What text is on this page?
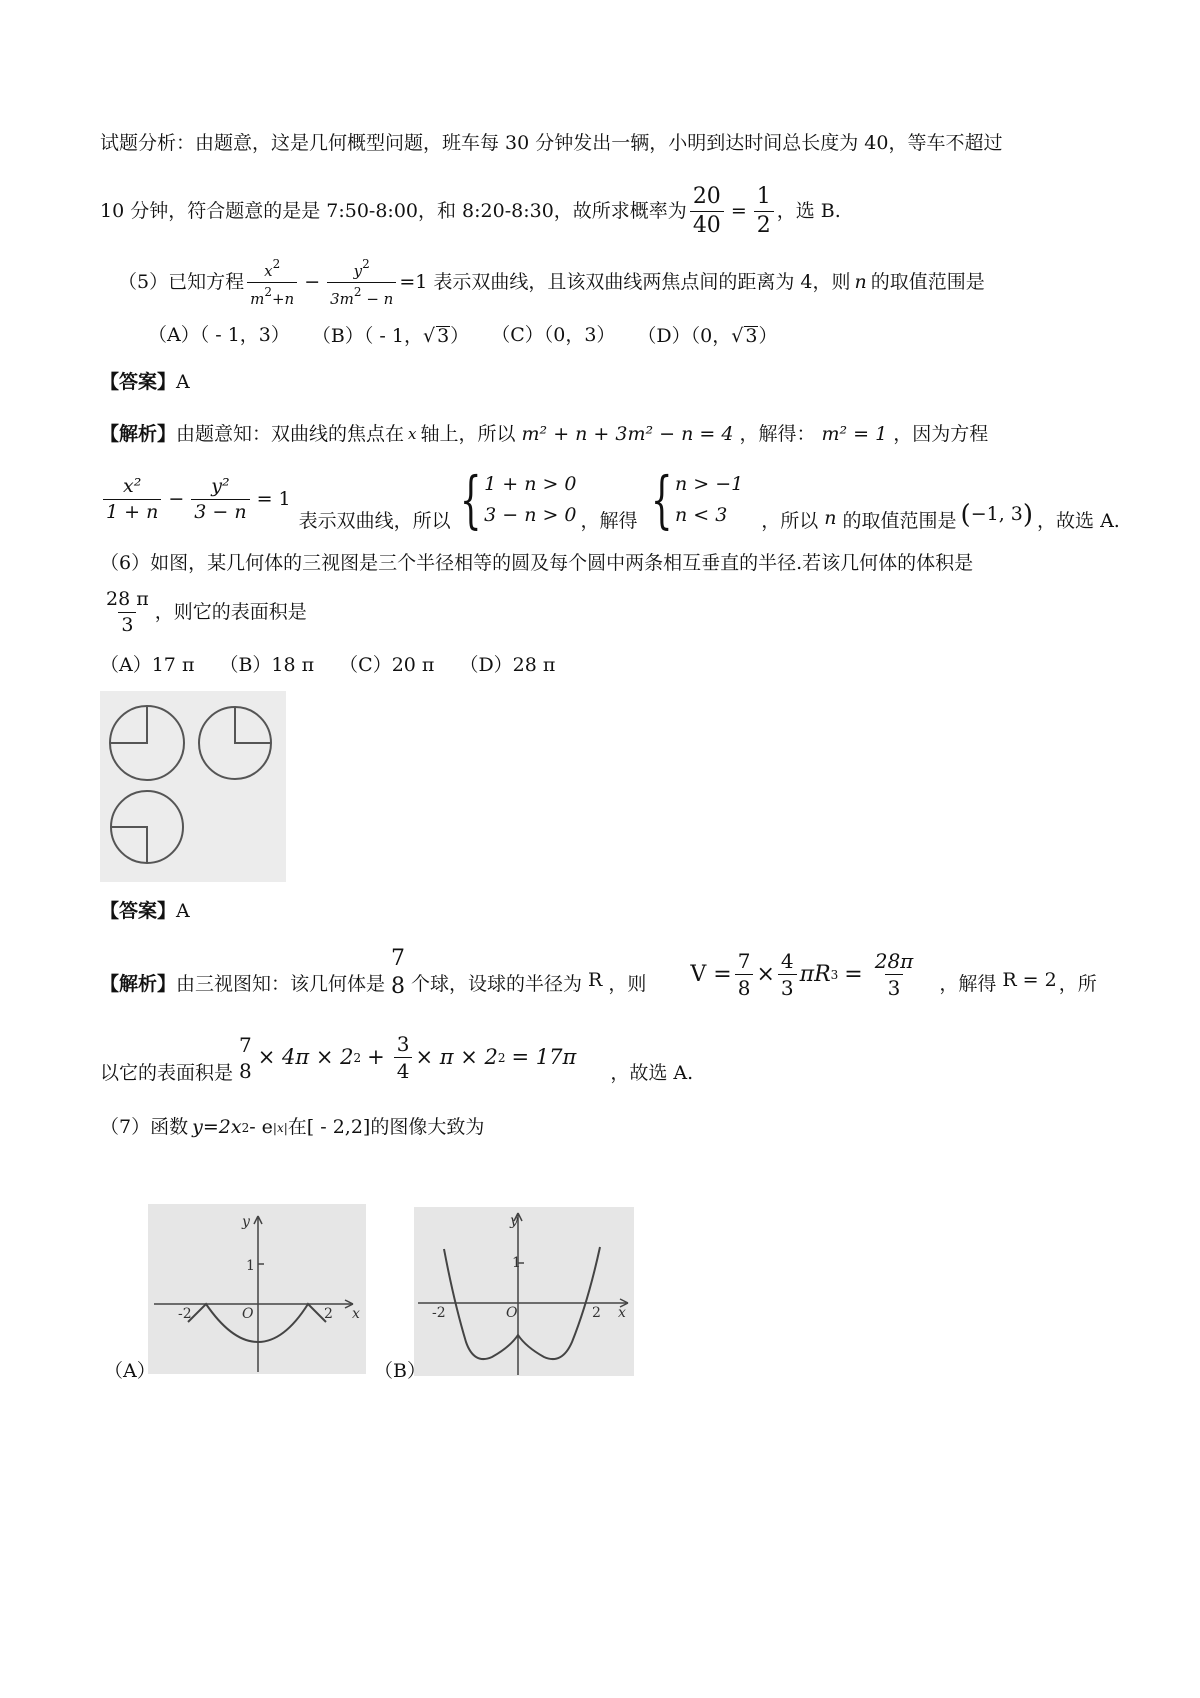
试题分析：由题意，这是几何概型问题，班车每 30 分钟发出一辆，小明到达时间总长度为 40，等车不超过
10 分钟，符合题意的是是 7:50-8:00，和 8:20-8:30，故所求概率为 $\frac{20}{40} = \frac{1}{2}$ ，选 B.
（5）已知方程 $\frac{x^2}{m^2+n} - \frac{y^2}{3m^2 - n} =1$ 表示双曲线，且该双曲线两焦点间的距离为 4，则 n 的取值范围是
（A）（ - 1，3） （B）（ - 1，√ 3） （C）（0，3） （D）（0，√ 3）
【答案】A
【解析】 由题意知：双曲线的焦点在 x 轴上，所以 m² + n + 3m² − n = 4 ，解得： m² = 1 ，因为方程
$\frac{\text{x²}}{1 + n} - \frac{\text{y²}}{3 - n} = 1$
表示双曲线，所以 { 1 + n > 0
3 − n > 0 ，解得 { n > −1
n < 3	，所以 n 的取值范围是 (−1, 3) ，故选 A.
（6）如图，某几何体的三视图是三个半径相等的圆及每个圆中两条相互垂直的半径.若该几何体的体积是
$\frac{28 \pi}{3}$ ，则它的表面积是
（A）17 π　 （B）18 π　 （C）20 π　 （D）28 π
【答案】A
【解析】 由三视图知：该几何体是
7
8 个球，设球的半径为 R ，则 $V = \frac{7}{8} \times \frac{4}{3}$ πR $3 = \frac{28\pi}{3}$ ，解得 R = 2 ，所
以它的表面积是
7
8
× 4π × 2 $2 + \frac{3}{4} \times \pi \times 2$ 2 = 17π
，故选 A.
（7）函数 y=2x 2 - e |x| 在[ - 2,2]的图像大致为
y
1
-2	O	2 x
（A）
y
1
-2	O	2 x
（B）
